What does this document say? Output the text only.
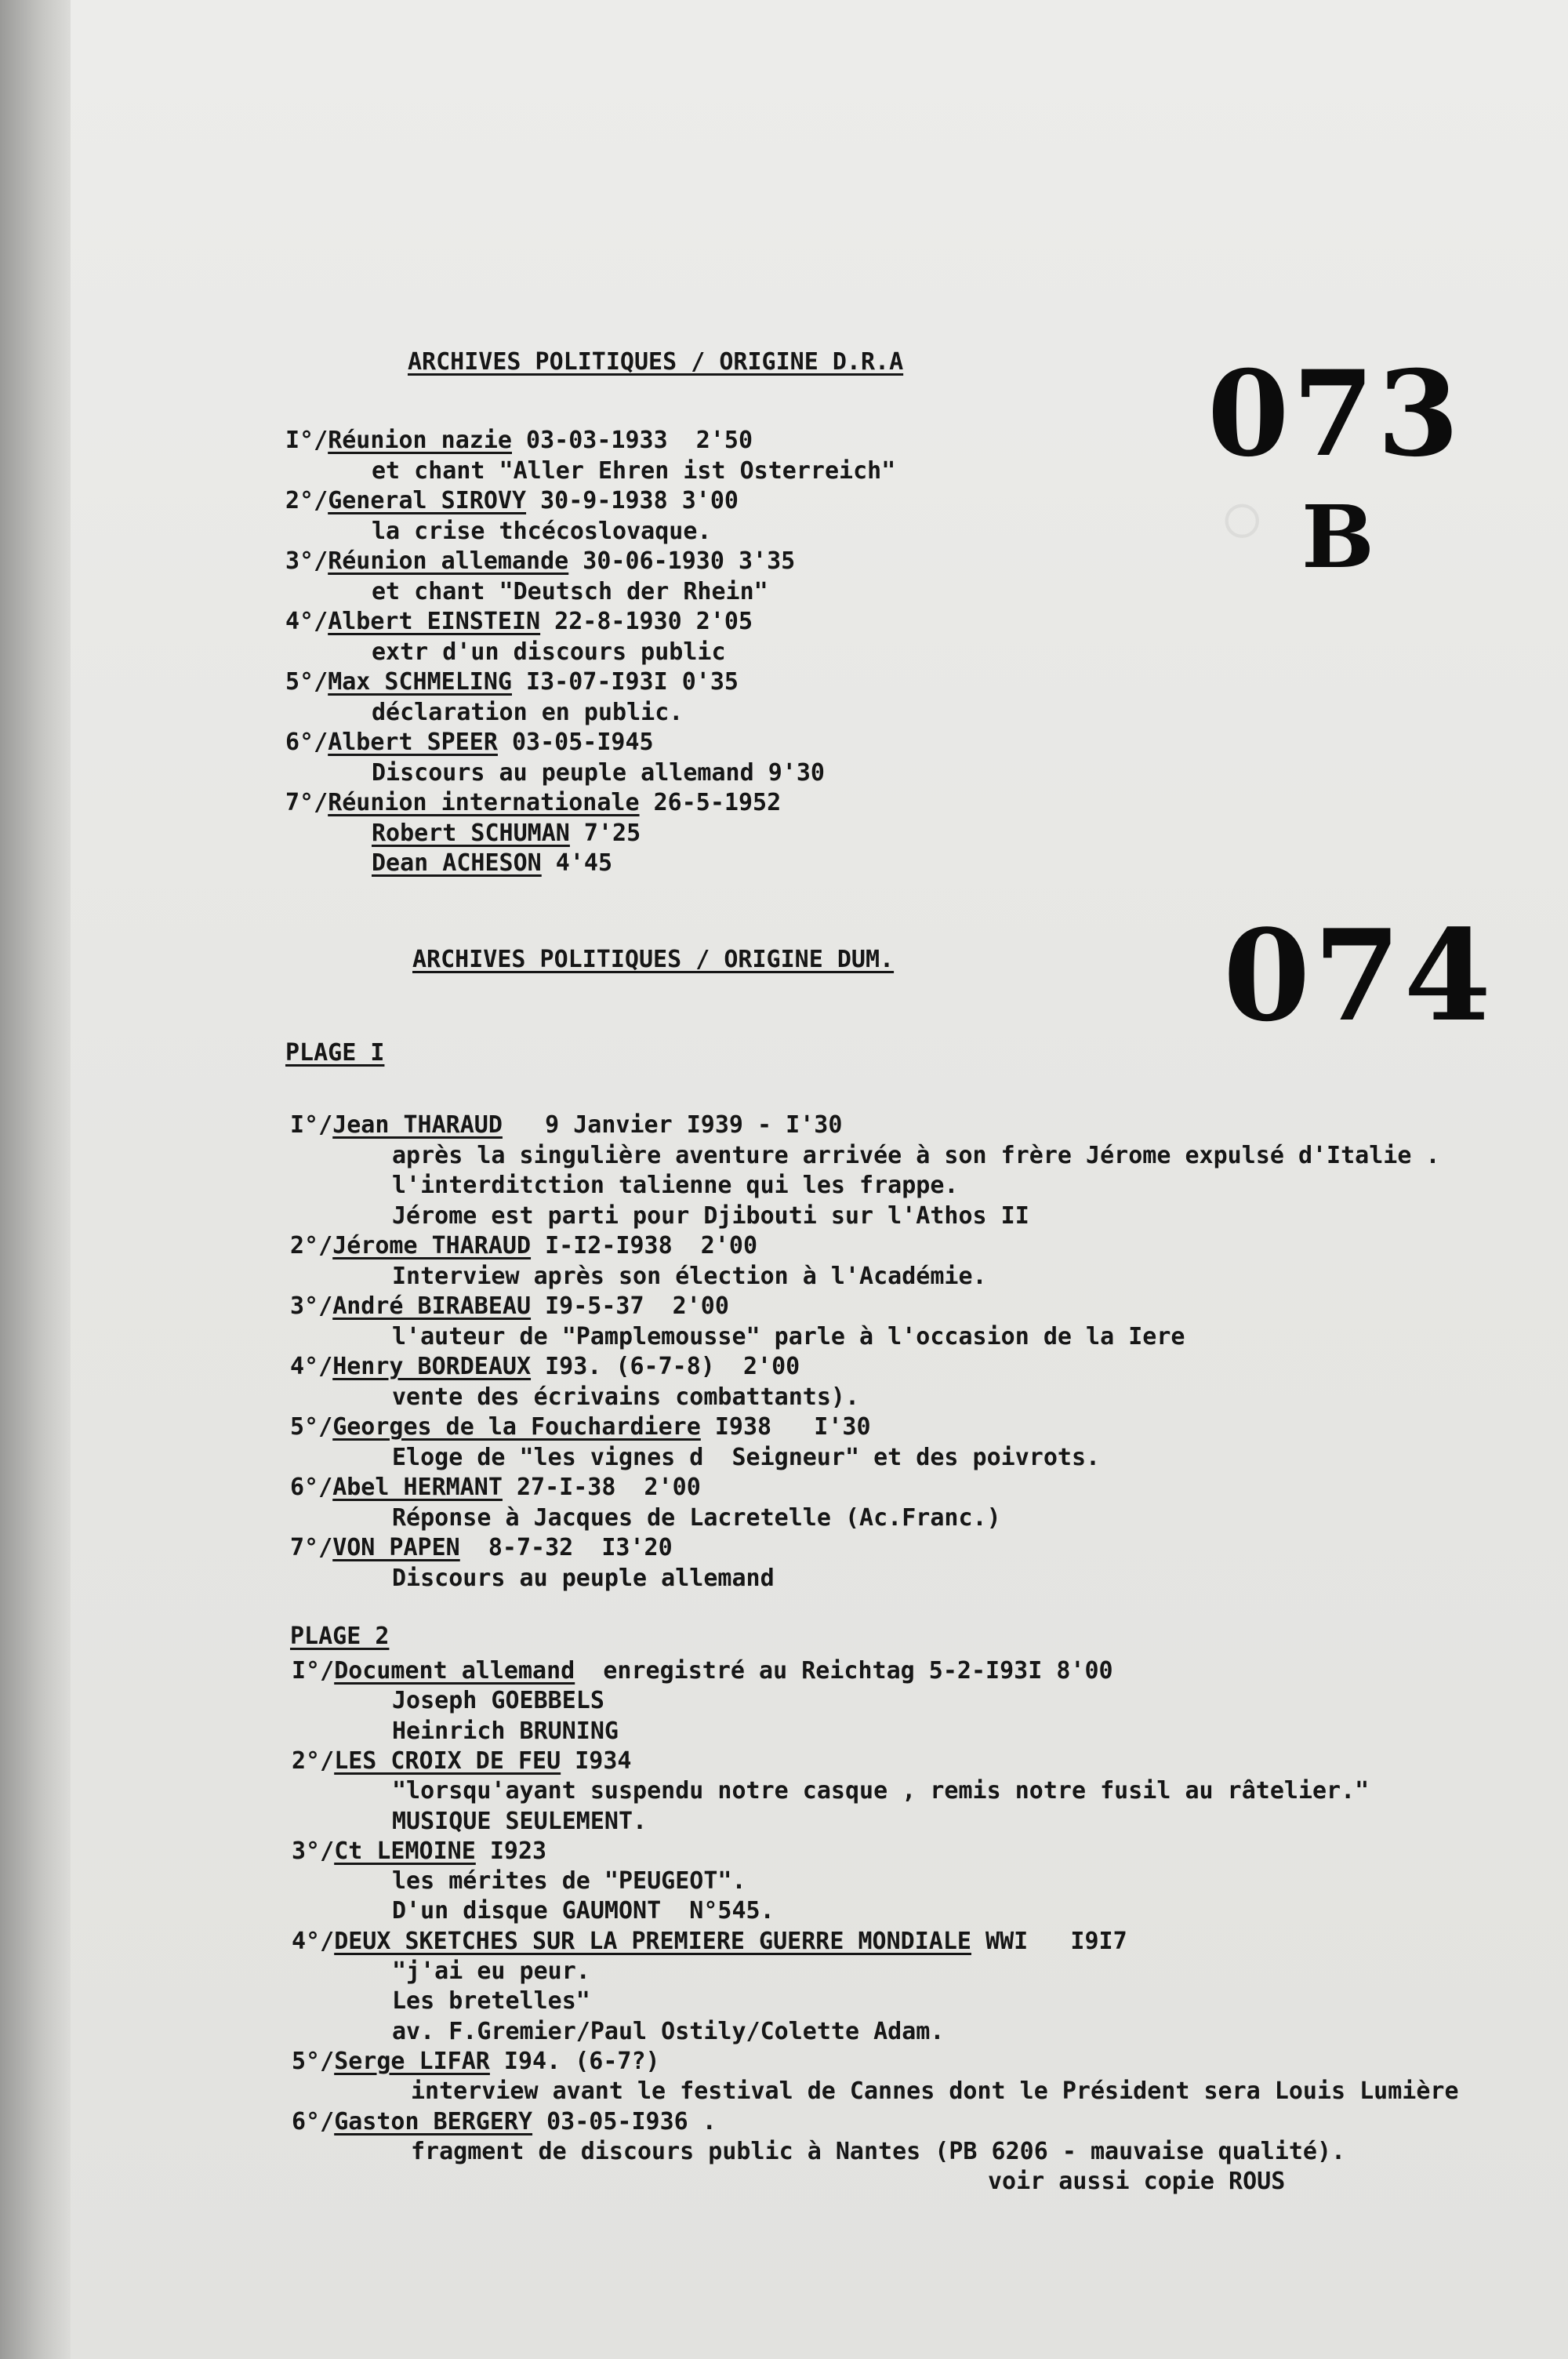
◦
073
B
074
ARCHIVES POLITIQUES / ORIGINE D.R.A
ARCHIVES POLITIQUES / ORIGINE DUM.
PLAGE I
PLAGE 2
I°/Réunion nazie 03-03-1933  2'50
et chant "Aller Ehren ist Osterreich"
2°/General SIROVY 30-9-1938 3'00
la crise thcécoslovaque.
3°/Réunion allemande 30-06-1930 3'35
et chant "Deutsch der Rhein"
4°/Albert EINSTEIN 22-8-1930 2'05
extr d'un discours public
5°/Max SCHMELING I3-07-I93I 0'35
déclaration en public.
6°/Albert SPEER 03-05-I945
Discours au peuple allemand 9'30
7°/Réunion internationale 26-5-1952
Robert SCHUMAN 7'25
Dean ACHESON 4'45
I°/Jean THARAUD   9 Janvier I939 - I'30
après la singulière aventure arrivée à son frère Jérome expulsé d'Italie .
l'interditction talienne qui les frappe.
Jérome est parti pour Djibouti sur l'Athos II
2°/Jérome THARAUD I-I2-I938  2'00
Interview après son élection à l'Académie.
3°/André BIRABEAU I9-5-37  2'00
l'auteur de "Pamplemousse" parle à l'occasion de la Iere
4°/Henry BORDEAUX I93. (6-7-8)  2'00
vente des écrivains combattants).
5°/Georges de la Fouchardiere I938   I'30
Eloge de "les vignes d  Seigneur" et des poivrots.
6°/Abel HERMANT 27-I-38  2'00
Réponse à Jacques de Lacretelle (Ac.Franc.)
7°/VON PAPEN  8-7-32  I3'20
Discours au peuple allemand
I°/Document allemand  enregistré au Reichtag 5-2-I93I 8'00
Joseph GOEBBELS
Heinrich BRUNING
2°/LES CROIX DE FEU I934
"lorsqu'ayant suspendu notre casque , remis notre fusil au râtelier."
MUSIQUE SEULEMENT.
3°/Ct LEMOINE I923
les mérites de "PEUGEOT".
D'un disque GAUMONT  N°545.
4°/DEUX SKETCHES SUR LA PREMIERE GUERRE MONDIALE WWI   I9I7
"j'ai eu peur.
Les bretelles"
av. F.Gremier/Paul Ostily/Colette Adam.
5°/Serge LIFAR I94. (6-7?)
interview avant le festival de Cannes dont le Président sera Louis Lumière
6°/Gaston BERGERY 03-05-I936 .
fragment de discours public à Nantes (PB 6206 - mauvaise qualité).
voir aussi copie ROUS
